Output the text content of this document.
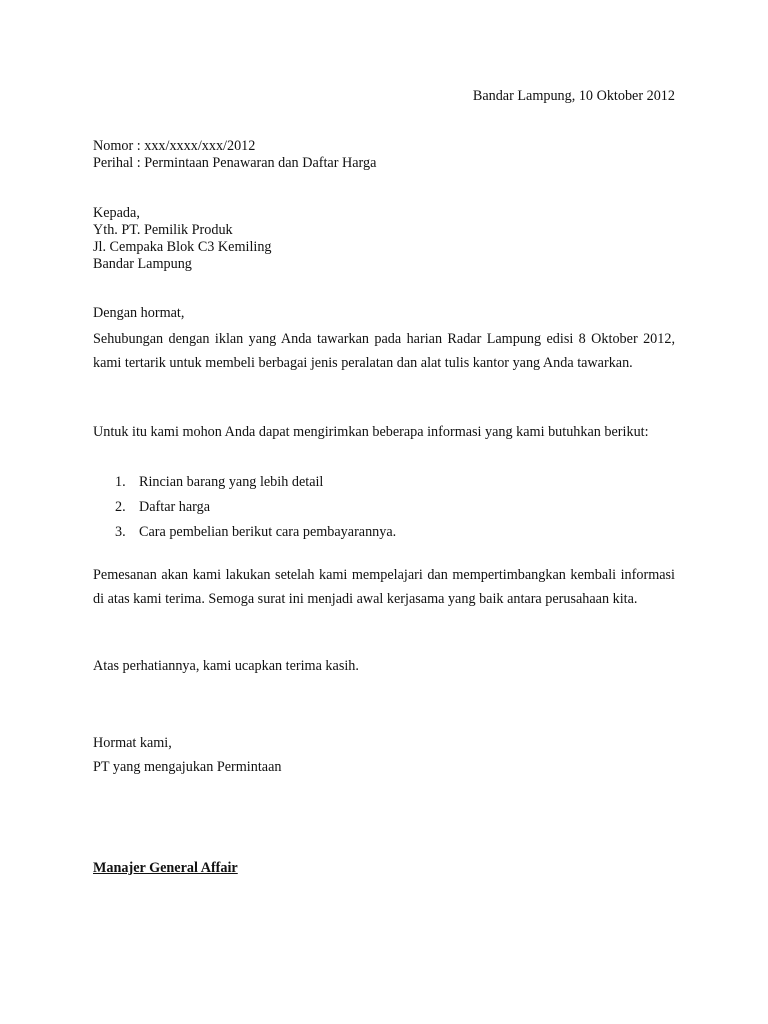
Bandar Lampung, 10 Oktober 2012
Nomor : xxx/xxxx/xxx/2012
Perihal : Permintaan Penawaran dan Daftar Harga
Kepada,
Yth. PT. Pemilik Produk
Jl. Cempaka Blok C3 Kemiling
Bandar Lampung
Dengan hormat,
Sehubungan dengan iklan yang Anda tawarkan pada harian Radar Lampung edisi 8 Oktober 2012, kami tertarik untuk membeli berbagai jenis peralatan dan alat tulis kantor yang Anda tawarkan.
Untuk itu kami mohon Anda dapat mengirimkan beberapa informasi yang kami butuhkan berikut:
1. Rincian barang yang lebih detail
2. Daftar harga
3. Cara pembelian berikut cara pembayarannya.
Pemesanan akan kami lakukan setelah kami mempelajari dan mempertimbangkan kembali informasi di atas kami terima. Semoga surat ini menjadi awal kerjasama yang baik antara perusahaan kita.
Atas perhatiannya, kami ucapkan terima kasih.
Hormat kami,
PT yang mengajukan Permintaan
Manajer General Affair
